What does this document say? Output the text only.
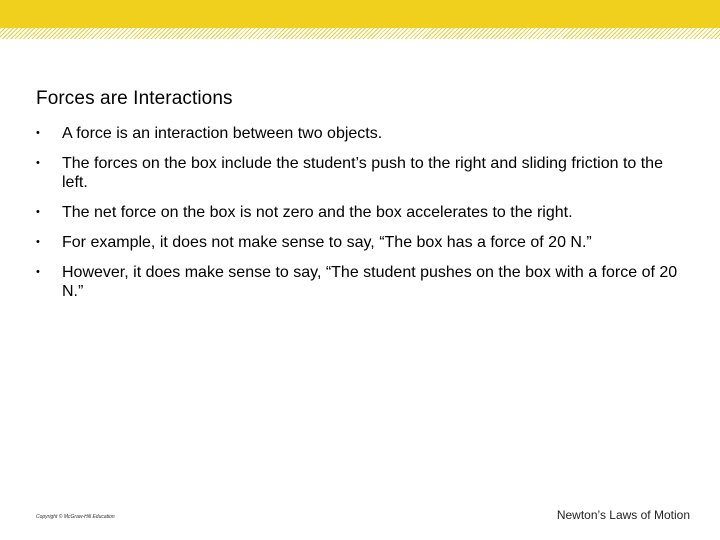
Forces are Interactions
• A force is an interaction between two objects.
• The forces on the box include the student’s push to the right and sliding friction to the left.
• The net force on the box is not zero and the box accelerates to the right.
• For example, it does not make sense to say, “The box has a force of 20 N.”
• However, it does make sense to say, “The student pushes on the box with a force of 20 N.”
Copyright © McGraw-Hill Education	Newton’s Laws of Motion
